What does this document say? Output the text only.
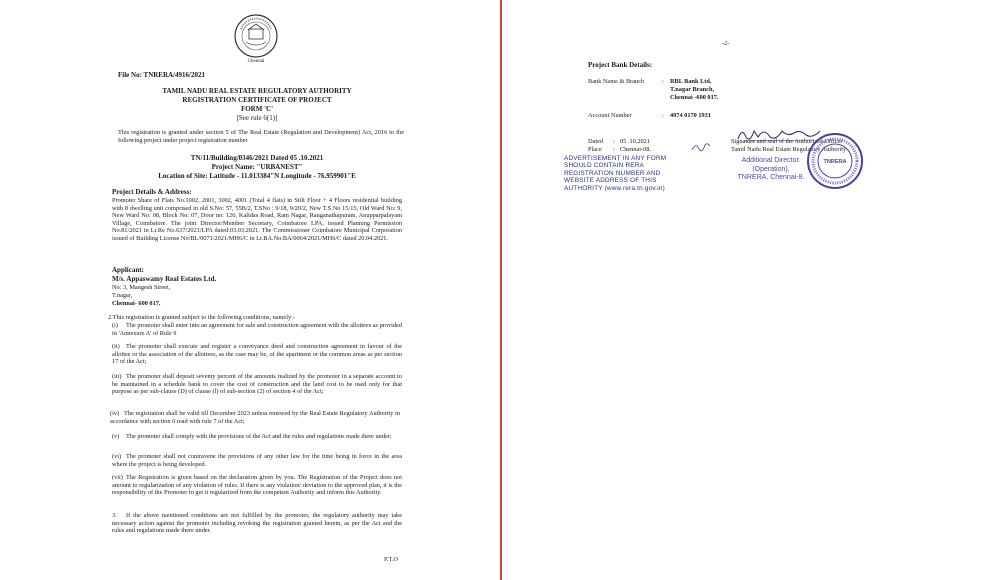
Chennai
File No: TNRERA/4916/2021
TAMIL NADU REAL ESTATE REGULATORY AUTHORITY
REGISTRATION CERTIFICATE OF PROJECT
FORM 'C'
[See rule 6(1)]
This registration is granted under section 5 of The Real Estate (Regulation and Development) Act, 2016 to the following project under project registration number
TN/11/Building/0346/2021 Dated 05 .10.2021
Project Name: "URBANEST"
Location of Site: Latitude - 11.013384"N Longitude - 76.959901"E
Project Details & Address:
Promoter Share of Flats No.1002, 2001, 3002, 4001 (Total 4 flats) in Stilt Floor + 4 Floors residential building with 8 dwelling unit comprised in old S.No: 57, 55B/2, T.SNo : 9/18, 9/20/2, New T.S.No 15/15, Old Ward No: 9, New Ward No: 08, Block No: 07, Door no: 126, Kalidas Road, Ram Nagar, Ranganathapuram, Anupparpalayam Village, Coimbatore. The joint Director/Member Secretary, Coimbatore LPA, issued Planning Permission No.81/2021 in Lr.Re No.637/2021/LPA dated:03.03.2021. The Commissioner Coimbatore Municipal Corporation issued of Building License No:BL/0071/2021/MH6/C in Lr.BA.No.BA/0064/2021/MH6/C dated 20.04.2021.
Applicant:
M/s. Appaswamy Real Estates Ltd.
No: 3, Mangesh Street,
T.nagar,
Chennai- 600 017.
2.This registration is granted subject to the following conditions, namely:-
(i) The promoter shall enter into an agreement for sale and construction agreement with the allottees as provided in 'Annexure A' of Rule 9
(ii) The promoter shall execute and register a conveyance deed and construction agreement in favour of the allottee or the association of the allottees, as the case may be, of the apartment or the common areas as per section 17 of the Act;
(iii) The promoter shall deposit seventy percent of the amounts realized by the promoter in a separate account to be maintained in a schedule bank to cover the cost of construction and the land cost to be used only for that purpose as per sub-clause (D) of clause (l) of sub-section (2) of section 4 of the Act;
(iv) The registration shall be valid till December 2023 unless renewed by the Real Estate Regulatory Authority in accordance with section 6 read with rule 7 of the Act;
(v) The promoter shall comply with the provisions of the Act and the rules and regulations made there under;
(vi) The promoter shall not contravene the provisions of any other law for the time being in force in the area where the project is being developed.
(vii) The Registration is given based on the declaration given by you. The Registration of the Project does not amount to regularization of any violation of rules. If there is any violation/ deviation to the approved plan, it is the responsibility of the Promoter to get it regularized from the competent Authority and inform this Authority.
3. If the above mentioned conditions are not fulfilled by the promoter, the regulatory authority may take necessary action against the promoter including revoking the registration granted herein, as per the Act and the rules and regulations made there under.
P.T.O
-2-
Project Bank Details:
Bank Name & Branch	: RBL Bank Ltd,
T.nagar Branch,
Chennai -600 017.
Account Number	: 4074 0170 1931
Dated : 05 .10.2021
Place : Chennai-08.
ADVERTISEMENT IN ANY FORM
SHOULD CONTAIN RERA
REGISTRATION NUMBER AND
WEBSITE ADDRESS OF THIS
AUTHORITY (www.rera.tn.gov.in)
Signature and seal of the Authorized Officer
Tamil Nadu Real Estate Regulatory Authority
Additional Director.
(Operation),
TNRERA, Chennai-8.
TNRERA
